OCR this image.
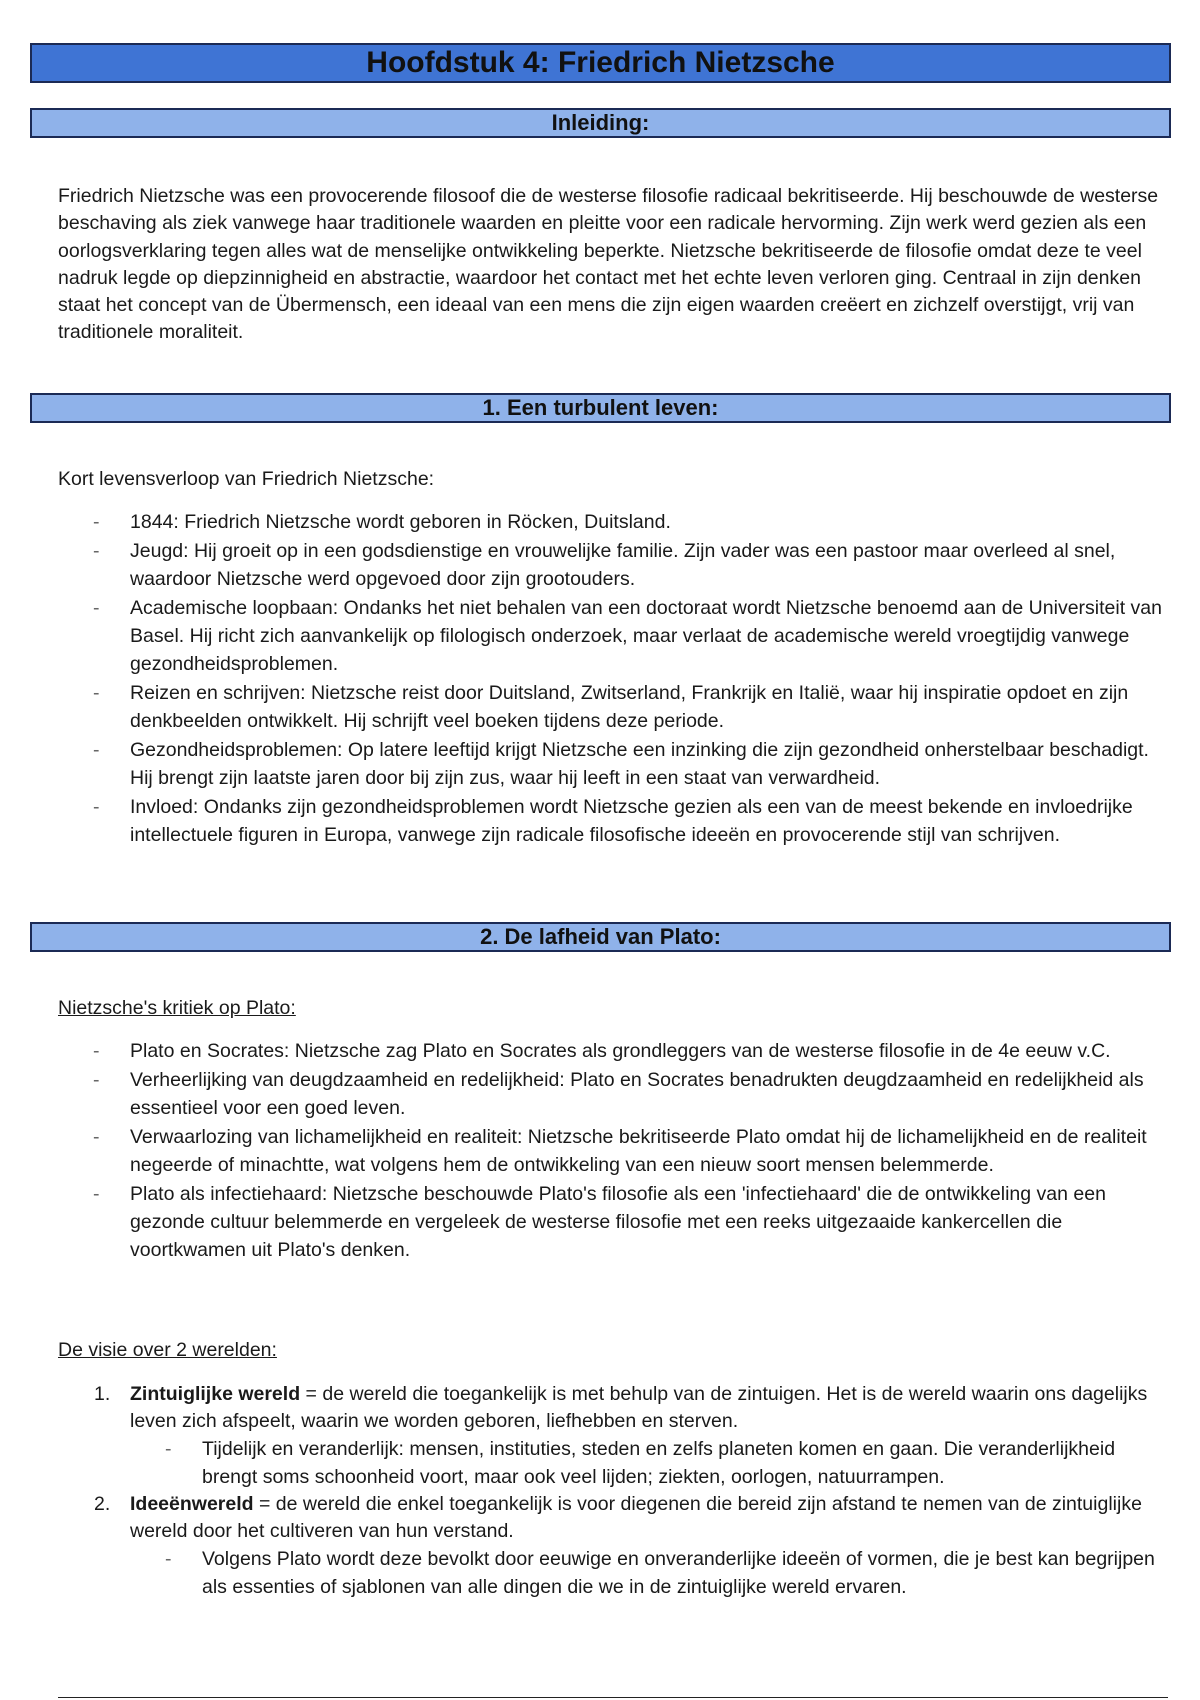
Hoofdstuk 4: Friedrich Nietzsche
Inleiding:

Friedrich Nietzsche was een provocerende filosoof die de westerse filosofie radicaal bekritiseerde. Hij beschouwde de westerse beschaving als ziek vanwege haar traditionele waarden en pleitte voor een radicale hervorming. Zijn werk werd gezien als een oorlogsverklaring tegen alles wat de menselijke ontwikkeling beperkte. Nietzsche bekritiseerde de filosofie omdat deze te veel nadruk legde op diepzinnigheid en abstractie, waardoor het contact met het echte leven verloren ging. Centraal in zijn denken staat het concept van de Übermensch, een ideaal van een mens die zijn eigen waarden creëert en zichzelf overstijgt, vrij van traditionele moraliteit.

1. Een turbulent leven:
Kort levensverloop van Friedrich Nietzsche:
- 1844: Friedrich Nietzsche wordt geboren in Röcken, Duitsland.
- Jeugd: Hij groeit op in een godsdienstige en vrouwelijke familie. Zijn vader was een pastoor maar overleed al snel, waardoor Nietzsche werd opgevoed door zijn grootouders.
- Academische loopbaan: Ondanks het niet behalen van een doctoraat wordt Nietzsche benoemd aan de Universiteit van Basel. Hij richt zich aanvankelijk op filologisch onderzoek, maar verlaat de academische wereld vroegtijdig vanwege gezondheidsproblemen.
- Reizen en schrijven: Nietzsche reist door Duitsland, Zwitserland, Frankrijk en Italië, waar hij inspiratie opdoet en zijn denkbeelden ontwikkelt. Hij schrijft veel boeken tijdens deze periode.
- Gezondheidsproblemen: Op latere leeftijd krijgt Nietzsche een inzinking die zijn gezondheid onherstelbaar beschadigt. Hij brengt zijn laatste jaren door bij zijn zus, waar hij leeft in een staat van verwardheid.
- Invloed: Ondanks zijn gezondheidsproblemen wordt Nietzsche gezien als een van de meest bekende en invloedrijke intellectuele figuren in Europa, vanwege zijn radicale filosofische ideeën en provocerende stijl van schrijven.
2. De lafheid van Plato:
Nietzsche's kritiek op Plato:
- Plato en Socrates: Nietzsche zag Plato en Socrates als grondleggers van de westerse filosofie in de 4e eeuw v.C.
- Verheerlijking van deugdzaamheid en redelijkheid: Plato en Socrates benadrukten deugdzaamheid en redelijkheid als essentieel voor een goed leven.
- Verwaarlozing van lichamelijkheid en realiteit: Nietzsche bekritiseerde Plato omdat hij de lichamelijkheid en de realiteit negeerde of minachtte, wat volgens hem de ontwikkeling van een nieuw soort mensen belemmerde.
- Plato als infectiehaard: Nietzsche beschouwde Plato's filosofie als een 'infectiehaard' die de ontwikkeling van een gezonde cultuur belemmerde en vergeleek de westerse filosofie met een reeks uitgezaaide kankercellen die voortkwamen uit Plato's denken.
De visie over 2 werelden:
1. Zintuiglijke wereld = de wereld die toegankelijk is met behulp van de zintuigen. Het is de wereld waarin ons dagelijks leven zich afspeelt, waarin we worden geboren, liefhebben en sterven.
- Tijdelijk en veranderlijk: mensen, instituties, steden en zelfs planeten komen en gaan. Die veranderlijkheid brengt soms schoonheid voort, maar ook veel lijden; ziekten, oorlogen, natuurrampen.
2. Ideeënwereld = de wereld die enkel toegankelijk is voor diegenen die bereid zijn afstand te nemen van de zintuiglijke wereld door het cultiveren van hun verstand.
- Volgens Plato wordt deze bevolkt door eeuwige en onveranderlijke ideeën of vormen, die je best kan begrijpen als essenties of sjablonen van alle dingen die we in de zintuiglijke wereld ervaren.
